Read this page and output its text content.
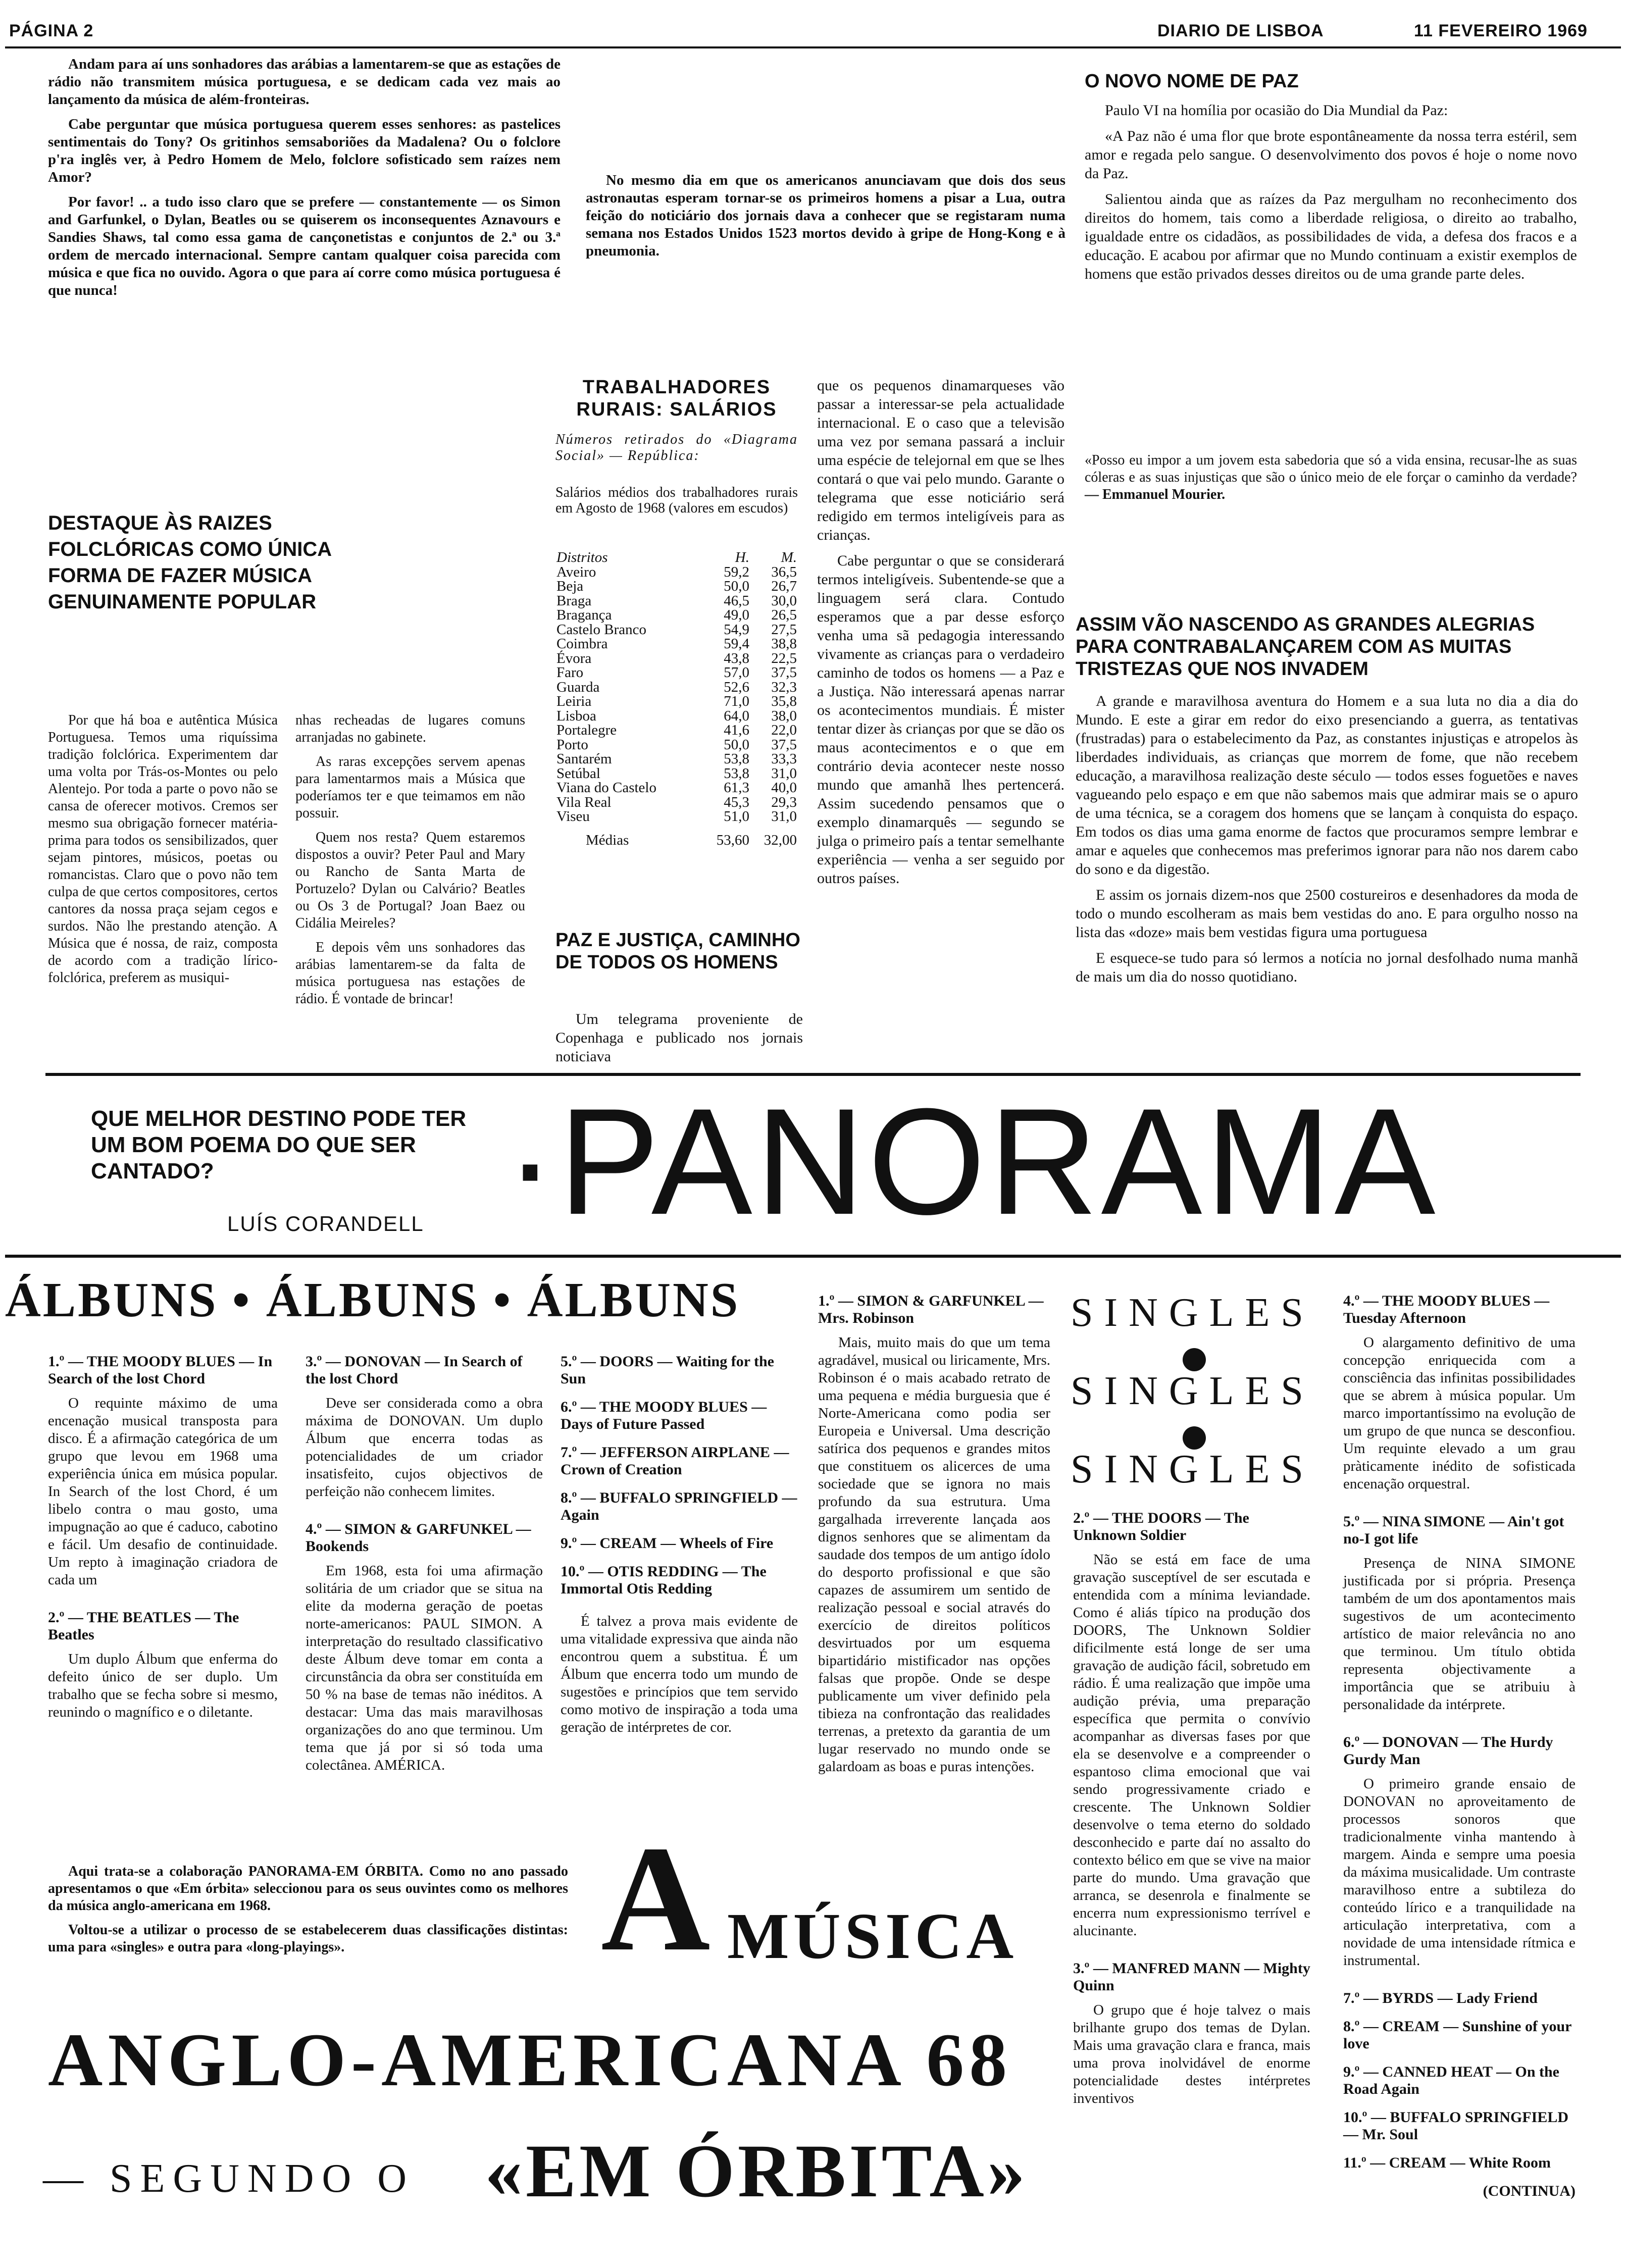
PÁGINA 2	DIARIO DE LISBOA	11 FEVEREIRO 1969

Andam para aí uns sonhadores das arábias a lamentarem-se que as estações de rádio não transmitem música portuguesa, e se dedicam cada vez mais ao lançamento da música de além-fronteiras.

Cabe perguntar que música portuguesa querem esses senhores: as pastelices sentimentais do Tony? Os gritinhos semsaboriões da Madalena? Ou o folclore p'ra inglês ver, à Pedro Homem de Melo, folclore sofisticado sem raízes nem Amor?

Por favor! .. a tudo isso claro que se prefere — constantemente — os Simon and Garfunkel, o Dylan, Beatles ou se quiserem os inconsequentes Aznavours e Sandies Shaws, tal como essa gama de cançonetistas e conjuntos de 2.ª ou 3.ª ordem de mercado internacional. Sempre cantam qualquer coisa parecida com música e que fica no ouvido. Agora o que para aí corre como música portuguesa é que nunca!

No mesmo dia em que os americanos anunciavam que dois dos seus astronautas esperam tornar-se os primeiros homens a pisar a Lua, outra feição do noticiário dos jornais dava a conhecer que se registaram numa semana nos Estados Unidos 1523 mortos devido à gripe de Hong-Kong e à pneumonia.
O NOVO NOME DE PAZ

Paulo VI na homília por ocasião do Dia Mundial da Paz:

«A Paz não é uma flor que brote espontâneamente da nossa terra estéril, sem amor e regada pelo sangue. O desenvolvimento dos povos é hoje o nome novo da Paz.

Salientou ainda que as raízes da Paz mergulham no reconhecimento dos direitos do homem, tais como a liberdade religiosa, o direito ao trabalho, igualdade entre os cidadãos, as possibilidades de vida, a defesa dos fracos e a educação. E acabou por afirmar que no Mundo continuam a existir exemplos de homens que estão privados desses direitos ou de uma grande parte deles.

«Posso eu impor a um jovem esta sabedoria que só a vida ensina, recusar-lhe as suas cóleras e as suas injustiças que são o único meio de ele forçar o caminho da verdade? — Emmanuel Mourier.
DESTAQUE ÀS RAIZES FOLCLÓRICAS COMO ÚNICA FORMA DE FAZER MÚSICA GENUINAMENTE POPULAR
Por que há boa e autêntica Música Portuguesa. Temos uma riquíssima tradição folclórica. Experimentem dar uma volta por Trás-os-Montes ou pelo Alentejo. Por toda a parte o povo não se cansa de oferecer motivos. Cremos ser mesmo sua obrigação fornecer matéria-prima para todos os sensibilizados, quer sejam pintores, músicos, poetas ou romancistas. Claro que o povo não tem culpa de que certos compositores, certos cantores da nossa praça sejam cegos e surdos. Não lhe prestando atenção. A Música que é nossa, de raiz, composta de acordo com a tradição lírico-folclórica, preferem as musiqui-

nhas recheadas de lugares comuns arranjadas no gabinete.

As raras excepções servem apenas para lamentarmos mais a Música que poderíamos ter e que teimamos em não possuir.

Quem nos resta? Quem estaremos dispostos a ouvir? Peter Paul and Mary ou Rancho de Santa Marta de Portuzelo? Dylan ou Calvário? Beatles ou Os 3 de Portugal? Joan Baez ou Cidália Meireles?

E depois vêm uns sonhadores das arábias lamentarem-se da falta de música portuguesa nas estações de rádio. É vontade de brincar!

TRABALHADORES RURAIS: SALÁRIOS
Números retirados do «Diagrama Social» — República:
Salários médios dos trabalhadores rurais em Agosto de 1968 (valores em escudos)
Distritos	H.	M.
Aveiro	59,2	36,5
Beja	50,0	26,7
Braga	46,5	30,0
Bragança	49,0	26,5
Castelo Branco	54,9	27,5
Coimbra	59,4	38,8
Évora	43,8	22,5
Faro	57,0	37,5
Guarda	52,6	32,3
Leiria	71,0	35,8
Lisboa	64,0	38,0
Portalegre	41,6	22,0
Porto	50,0	37,5
Santarém	53,8	33,3
Setúbal	53,8	31,0
Viana do Castelo	61,3	40,0
Vila Real	45,3	29,3
Viseu	51,0	31,0
Médias	53,60	32,00
PAZ E JUSTIÇA, CAMINHO DE TODOS OS HOMENS
Um telegrama proveniente de Copenhaga e publicado nos jornais noticiava

que os pequenos dinamarqueses vão passar a interessar-se pela actualidade internacional. E o caso que a televisão uma vez por semana passará a incluir uma espécie de telejornal em que se lhes contará o que vai pelo mundo. Garante o telegrama que esse noticiário será redigido em termos inteligíveis para as crianças.

Cabe perguntar o que se considerará termos inteligíveis. Subentende-se que a linguagem será clara. Contudo esperamos que a par desse esforço venha uma sã pedagogia interessando vivamente as crianças para o verdadeiro caminho de todos os homens — a Paz e a Justiça. Não interessará apenas narrar os acontecimentos mundiais. É mister tentar dizer às crianças por que se dão os maus acontecimentos e o que em contrário devia acontecer neste nosso mundo que amanhã lhes pertencerá. Assim sucedendo pensamos que o exemplo dinamarquês — segundo se julga o primeiro país a tentar semelhante experiência — venha a ser seguido por outros países.

ASSIM VÃO NASCENDO AS GRANDES ALEGRIAS PARA CONTRABALANÇAREM COM AS MUITAS TRISTEZAS QUE NOS INVADEM

A grande e maravilhosa aventura do Homem e a sua luta no dia a dia do Mundo. E este a girar em redor do eixo presenciando a guerra, as tentativas (frustradas) para o estabelecimento da Paz, as constantes injustiças e atropelos às liberdades individuais, as crianças que morrem de fome, que não recebem educação, a maravilhosa realização deste século — todos esses foguetões e naves vagueando pelo espaço e em que não sabemos mais que admirar mais se o apuro de uma técnica, se a coragem dos homens que se lançam à conquista do espaço. Em todos os dias uma gama enorme de factos que procuramos sempre lembrar e amar e aqueles que conhecemos mas preferimos ignorar para não nos darem cabo do sono e da digestão.

E assim os jornais dizem-nos que 2500 costureiros e desenhadores da moda de todo o mundo escolheram as mais bem vestidas do ano. E para orgulho nosso na lista das «doze» mais bem vestidas figura uma portuguesa

E esquece-se tudo para só lermos a notícia no jornal desfolhado numa manhã de mais um dia do nosso quotidiano.

QUE MELHOR DESTINO PODE TER UM BOM POEMA DO QUE SER CANTADO?
LUÍS CORANDELL ·PANORAMA
ÁLBUNS • ÁLBUNS • ÁLBUNS
1.º — THE MOODY BLUES — In Search of the lost Chord
O requinte máximo de uma encenação musical transposta para disco. É a afirmação categórica de um grupo que levou em 1968 uma experiência única em música popular. In Search of the lost Chord, é um libelo contra o mau gosto, uma impugnação ao que é caduco, cabotino e fácil. Um desafio de continuidade. Um repto à imaginação criadora de cada um
2.º — THE BEATLES — The Beatles
Um duplo Álbum que enferma do defeito único de ser duplo. Um trabalho que se fecha sobre si mesmo, reunindo o magnífico e o diletante.
3.º — DONOVAN — In Search of the lost Chord
Deve ser considerada como a obra máxima de DONOVAN. Um duplo Álbum que encerra todas as potencialidades de um criador insatisfeito, cujos objectivos de perfeição não conhecem limites.
4.º — SIMON & GARFUNKEL — Bookends
Em 1968, esta foi uma afirmação solitária de um criador que se situa na elite da moderna geração de poetas norte-americanos: PAUL SIMON. A interpretação do resultado classificativo deste Álbum deve tomar em conta a circunstância da obra ser constituída em 50 % na base de temas não inéditos. A destacar: Uma das mais maravilhosas organizações do ano que terminou. Um tema que já por si só toda uma colectânea. AMÉRICA.
5.º — DOORS — Waiting for the Sun
6.º — THE MOODY BLUES — Days of Future Passed
7.º — JEFFERSON AIRPLANE — Crown of Creation
8.º — BUFFALO SPRINGFIELD — Again
9.º — CREAM — Wheels of Fire
10.º — OTIS REDDING — The Immortal Otis Redding
É talvez a prova mais evidente de uma vitalidade expressiva que ainda não encontrou quem a substitua. É um Álbum que encerra todo um mundo de sugestões e princípios que tem servido como motivo de inspiração a toda uma geração de intérpretes de cor.
1.º — SIMON & GARFUNKEL — Mrs. Robinson
Mais, muito mais do que um tema agradável, musical ou liricamente, Mrs. Robinson é o mais acabado retrato de uma pequena e média burguesia que é Norte-Americana como podia ser Europeia e Universal. Uma descrição satírica dos pequenos e grandes mitos que constituem os alicerces de uma sociedade que se ignora no mais profundo da sua estrutura. Uma gargalhada irreverente lançada aos dignos senhores que se alimentam da saudade dos tempos de um antigo ídolo do desporto profissional e que são capazes de assumirem um sentido de realização pessoal e social através do exercício de direitos políticos desvirtuados por um esquema bipartidário mistificador nas opções falsas que propõe. Onde se despe publicamente um viver definido pela tibieza na confrontação das realidades terrenas, a pretexto da garantia de um lugar reservado no mundo onde se galardoam as boas e puras intenções.
SINGLES
SINGLES
SINGLES
2.º — THE DOORS — The Unknown Soldier
Não se está em face de uma gravação susceptível de ser escutada e entendida com a mínima leviandade. Como é aliás típico na produção dos DOORS, The Unknown Soldier dificilmente está longe de ser uma gravação de audição fácil, sobretudo em rádio. É uma realização que impõe uma audição prévia, uma preparação específica que permita o convívio acompanhar as diversas fases por que ela se desenvolve e a compreender o espantoso clima emocional que vai sendo progressivamente criado e crescente. The Unknown Soldier desenvolve o tema eterno do soldado desconhecido e parte daí no assalto do contexto bélico em que se vive na maior parte do mundo. Uma gravação que arranca, se desenrola e finalmente se encerra num expressionismo terrível e alucinante.
3.º — MANFRED MANN — Mighty Quinn
O grupo que é hoje talvez o mais brilhante grupo dos temas de Dylan. Mais uma gravação clara e franca, mais uma prova inolvidável de enorme potencialidade destes intérpretes inventivos
4.º — THE MOODY BLUES — Tuesday Afternoon
O alargamento definitivo de uma concepção enriquecida com a consciência das infinitas possibilidades que se abrem à música popular. Um marco importantíssimo na evolução de um grupo de que nunca se desconfiou. Um requinte elevado a um grau pràticamente inédito de sofisticada encenação orquestral.
5.º — NINA SIMONE — Ain't got no-I got life
Presença de NINA SIMONE justificada por si própria. Presença também de um dos apontamentos mais sugestivos de um acontecimento artístico de maior relevância no ano que terminou. Um título obtida representa objectivamente a importância que se atribuiu à personalidade da intérprete.
6.º — DONOVAN — The Hurdy Gurdy Man
O primeiro grande ensaio de DONOVAN no aproveitamento de processos sonoros que tradicionalmente vinha mantendo à margem. Ainda e sempre uma poesia da máxima musicalidade. Um contraste maravilhoso entre a subtileza do conteúdo lírico e a tranquilidade na articulação interpretativa, com a novidade de uma intensidade rítmica e instrumental.
7.º — BYRDS — Lady Friend
8.º — CREAM — Sunshine of your love
9.º — CANNED HEAT — On the Road Again
10.º — BUFFALO SPRINGFIELD — Mr. Soul
11.º — CREAM — White Room
(CONTINUA)

Aqui trata-se a colaboração PANORAMA-EM ÓRBITA. Como no ano passado apresentamos o que «Em órbita» seleccionou para os seus ouvintes como os melhores da música anglo-americana em 1968.

Voltou-se a utilizar o processo de se estabelecerem duas classificações distintas: uma para «singles» e outra para «long-playings».	A MÚSICA
ANGLO-AMERICANA 68
— SEGUNDO O «EM ÓRBITA»
